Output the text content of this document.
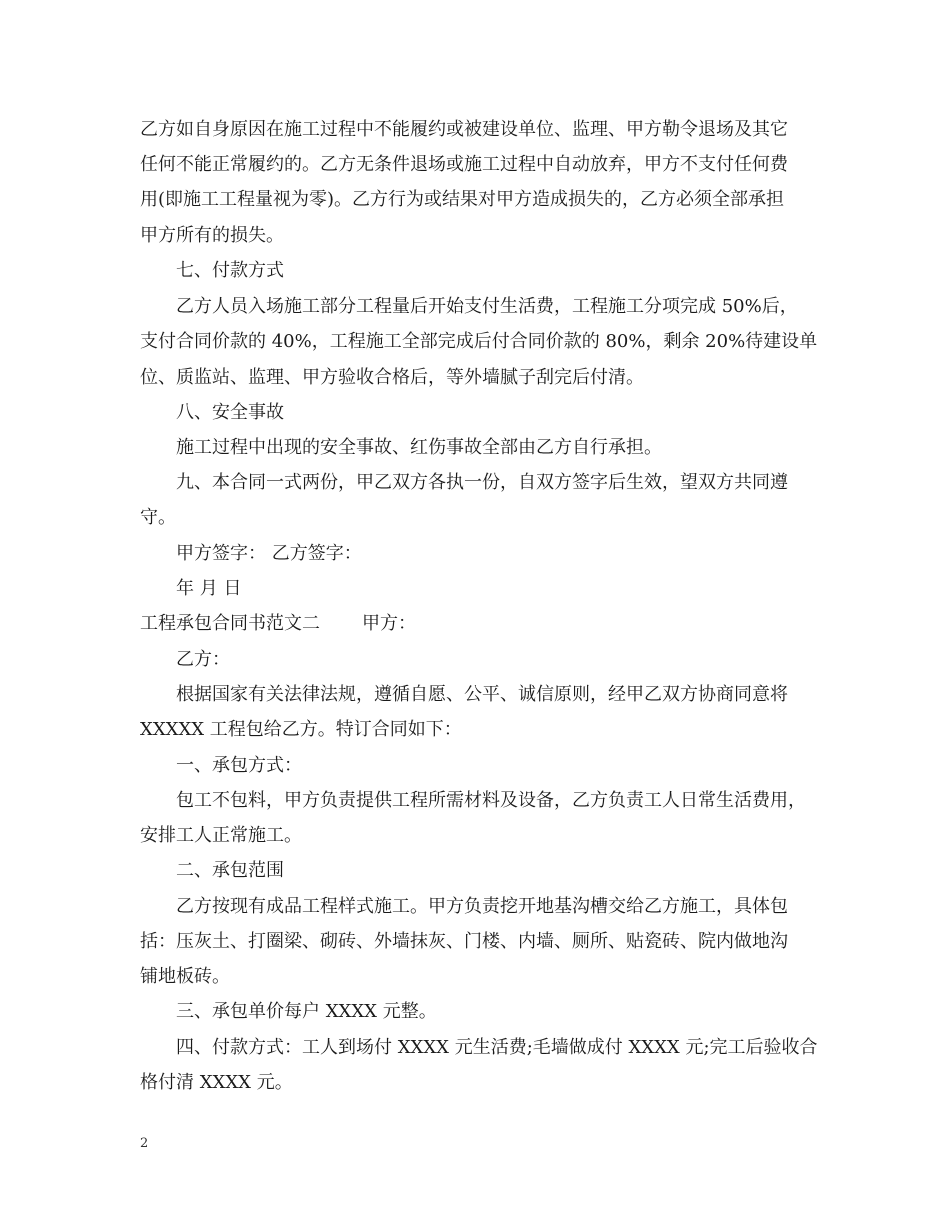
乙方如自身原因在施工过程中不能履约或被建设单位、监理、甲方勒令退场及其它
任何不能正常履约的。乙方无条件退场或施工过程中自动放弃，甲方不支付任何费
用(即施工工程量视为零)。乙方行为或结果对甲方造成损失的，乙方必须全部承担
甲方所有的损失。
七、付款方式
乙方人员入场施工部分工程量后开始支付生活费，工程施工分项完成 50%后，
支付合同价款的 40%，工程施工全部完成后付合同价款的 80%，剩余 20%待建设单
位、质监站、监理、甲方验收合格后，等外墙腻子刮完后付清。
八、安全事故
施工过程中出现的安全事故、红伤事故全部由乙方自行承担。
九、本合同一式两份，甲乙双方各执一份，自双方签字后生效，望双方共同遵
守。
甲方签字： 乙方签字：
年 月 日
工程承包合同书范文二 甲方：
乙方：
根据国家有关法律法规，遵循自愿、公平、诚信原则，经甲乙双方协商同意将
XXXXX 工程包给乙方。特订合同如下：
一、承包方式：
包工不包料，甲方负责提供工程所需材料及设备，乙方负责工人日常生活费用，
安排工人正常施工。
二、承包范围
乙方按现有成品工程样式施工。甲方负责挖开地基沟槽交给乙方施工，具体包
括：压灰土、打圈梁、砌砖、外墙抹灰、门楼、内墙、厕所、贴瓷砖、院内做地沟
铺地板砖。
三、承包单价每户 XXXX 元整。
四、付款方式：工人到场付 XXXX 元生活费;毛墙做成付 XXXX 元;完工后验收合
格付清 XXXX 元。
2
